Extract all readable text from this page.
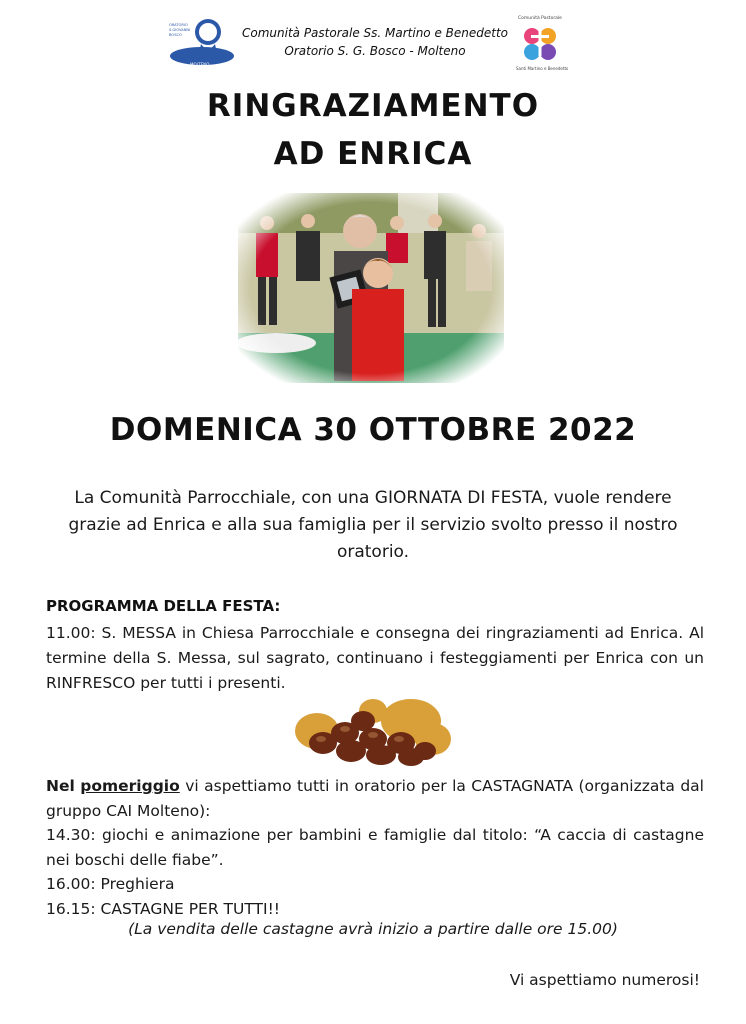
ORATORIO
S.GIOVANNI
BOSCO
MOLTENO
Comunità Pastorale Ss. Martino e Benedetto
Oratorio S. G. Bosco - Molteno
Comunità Pastorale
Santi Martino e Benedetto
RINGRAZIAMENTO
AD ENRICA
DOMENICA 30 OTTOBRE 2022
La Comunità Parrocchiale, con una GIORNATA DI FESTA, vuole rendere grazie ad Enrica e alla sua famiglia per il servizio svolto presso il nostro oratorio.
PROGRAMMA DELLA FESTA:
11.00: S. MESSA in Chiesa Parrocchiale e consegna dei ringraziamenti ad Enrica. Al termine della S. Messa, sul sagrato, continuano i festeggiamenti per Enrica con un RINFRESCO per tutti i presenti.
Nel pomeriggio vi aspettiamo tutti in oratorio per la CASTAGNATA (organizzata dal gruppo CAI Molteno):
14.30: giochi e animazione per bambini e famiglie dal titolo: “A caccia di castagne nei boschi delle fiabe”.
16.00: Preghiera
16.15: CASTAGNE PER TUTTI!!
(La vendita delle castagne avrà inizio a partire dalle ore 15.00)
Vi aspettiamo numerosi!
